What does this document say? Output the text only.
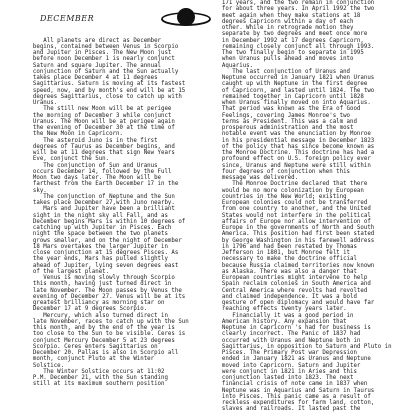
DECEMBER
All planets are direct as December
begins, contained between Venus in Scorpio
and Jupiter in Pisces. The New Moon just
before noon December 1 is nearly conjunct
Saturn and square Jupiter. The annual
conjunction of Saturn and the Sun actually
takes place December 4 at 11 degrees
Sagittarius. Saturn is moving at its fastest
speed, now, and by month's end will be at 15
degrees Sagittarius, close to catch up with
Uranus.
The still new Moon will be at perigee
the morning of December 3 while conjunct
Uranus. The Moon will be at perigee again
the evening of December 30 at the time of
the New Moon in Capricorn.
The asteroid Juno is in the first
degrees of Taurus as December begins, and
will be at 11 degrees that sign New Years
Eve, conjunct the Sun.
The conjunction of Sun and Uranus
occurs December 14, followed by the Full
Moon two days later. The Moon will be
farthest from the Earth December 17 in the
sky.
The conjunction of Neptune and the Sun
takes place December 27,with Juno nearby.
Mars and Jupiter have been a brilliant
sight in the night sky all Fall, and as
December begins Mars is within 10 degrees of
catching up with Jupiter in Pisces. Each
night the space between the two planets
grows smaller, and on the night of December
18 Mars overtakes the larger Jupiter in
close conjunction at 15 degrees Pisces. As
the year ends, Mars has pulled slightly
ahead of Jupiter, lying seven degrees east
of the largest planet.
Venus is moving slowly through Scorpio
this month, having just turned direct in
late November. The Moon passes by Venus the
evening of December 27. Venus will be at its
greatest brilliancy as morning star on
December 17 at 9 degrees Scorpio.
Mercury, which also turned direct in
late November, races to catch up with the Sun
this month, and by the end of the year is
too close to the Sun to be visible. Ceres is
conjunct Mercury December 5 at 23 degrees
Scorpio. Ceres enters Sagittarius on
December 20. Pallas is also in Scorpio all
month, conjunct Pluto at the Winter
Solstice.
The Winter Solstice occurs at 11:02
P.M. December 21, with the Sun standing
still at its maximum southern position
171 years, and the two remain in conjunction
for about three years. In April 1992 the two
meet again when they make stations at 18
degrees Capricorn within a day of each
other. While in retrograde motion they
separate by two degrees and meet once more
in December 1992 at 17 degrees Capricorn,
remaining closely conjunct all through 1993.
The two finally begin to separate in 1995
when Uranus pulls ahead and moves into
Aquarius.
The last conjunction of Uranus and
Neptune occurred in January 1821 when Uranus
caught up with Neptune in the first degree
of Capricorn, and lasted until 1824. The two
remained together in Capricorn until 1828
when Uranus finally moved on into Aquarius.
That period was known as the Era of Good
Feelings, covering James Monroe's two
terms as President. This was a calm and
prosperous administration and the most
notable event was the enunciation by Monroe
in his presidential message in December 1823
of the policy that has since become known as
the Monroe Doctrine. This doctrine has had a
profound effect on U.S. foreign policy ever
since, Uranus and Neptune were still within
four degrees of conjunction when this
message was delivered.
The Monroe Doctrine declared that there
would be no more colonization by European
countries in the New World; existing
European colonies could not be transferred
from one country to another, and the United
States would not interfere in the political
affairs of Europe nor allow intervention of
Europe in the governments of North and South
America. This position had first been stated
by George Washington in his farewell address
in 1796 and had been restated by Thomas
Jefferson in 1801, but Monroe felt it
necessary to make the doctrine official
because Russia claimed territories now known
as Alaska. There was also a danger that
European countries might intervene to help
Spain reclaim colonies in South America and
Central America where revolts had revolted
and claimed independence. It was a bold
gesture of open diplomacy and would have far
reaching effects twenty years later.
Financially it was a good period in
American history. Any expansion that
Neptune in Capricorn 's had for business is
clearly incorrect. The Panic of 1837 had
occurred with Uranus and Neptune both in
Sagittarius, in opposition to Saturn and Pluto in
Pisces. The Primary Post war Depression
ended in January 1821 as Uranus and Neptune
moved into Capricorn. Saturn and Jupiter
were conjunct in 1821 in Aries and this
conjunction lasted into 1823. The next
financial crisis of note came in 1837 when
Neptune was in Aquarius and Saturn in Taurus
into Pisces. This panic came as a result of
reckless expenditures for farm land, cotton,
slaves and railroads. It lasted past the
